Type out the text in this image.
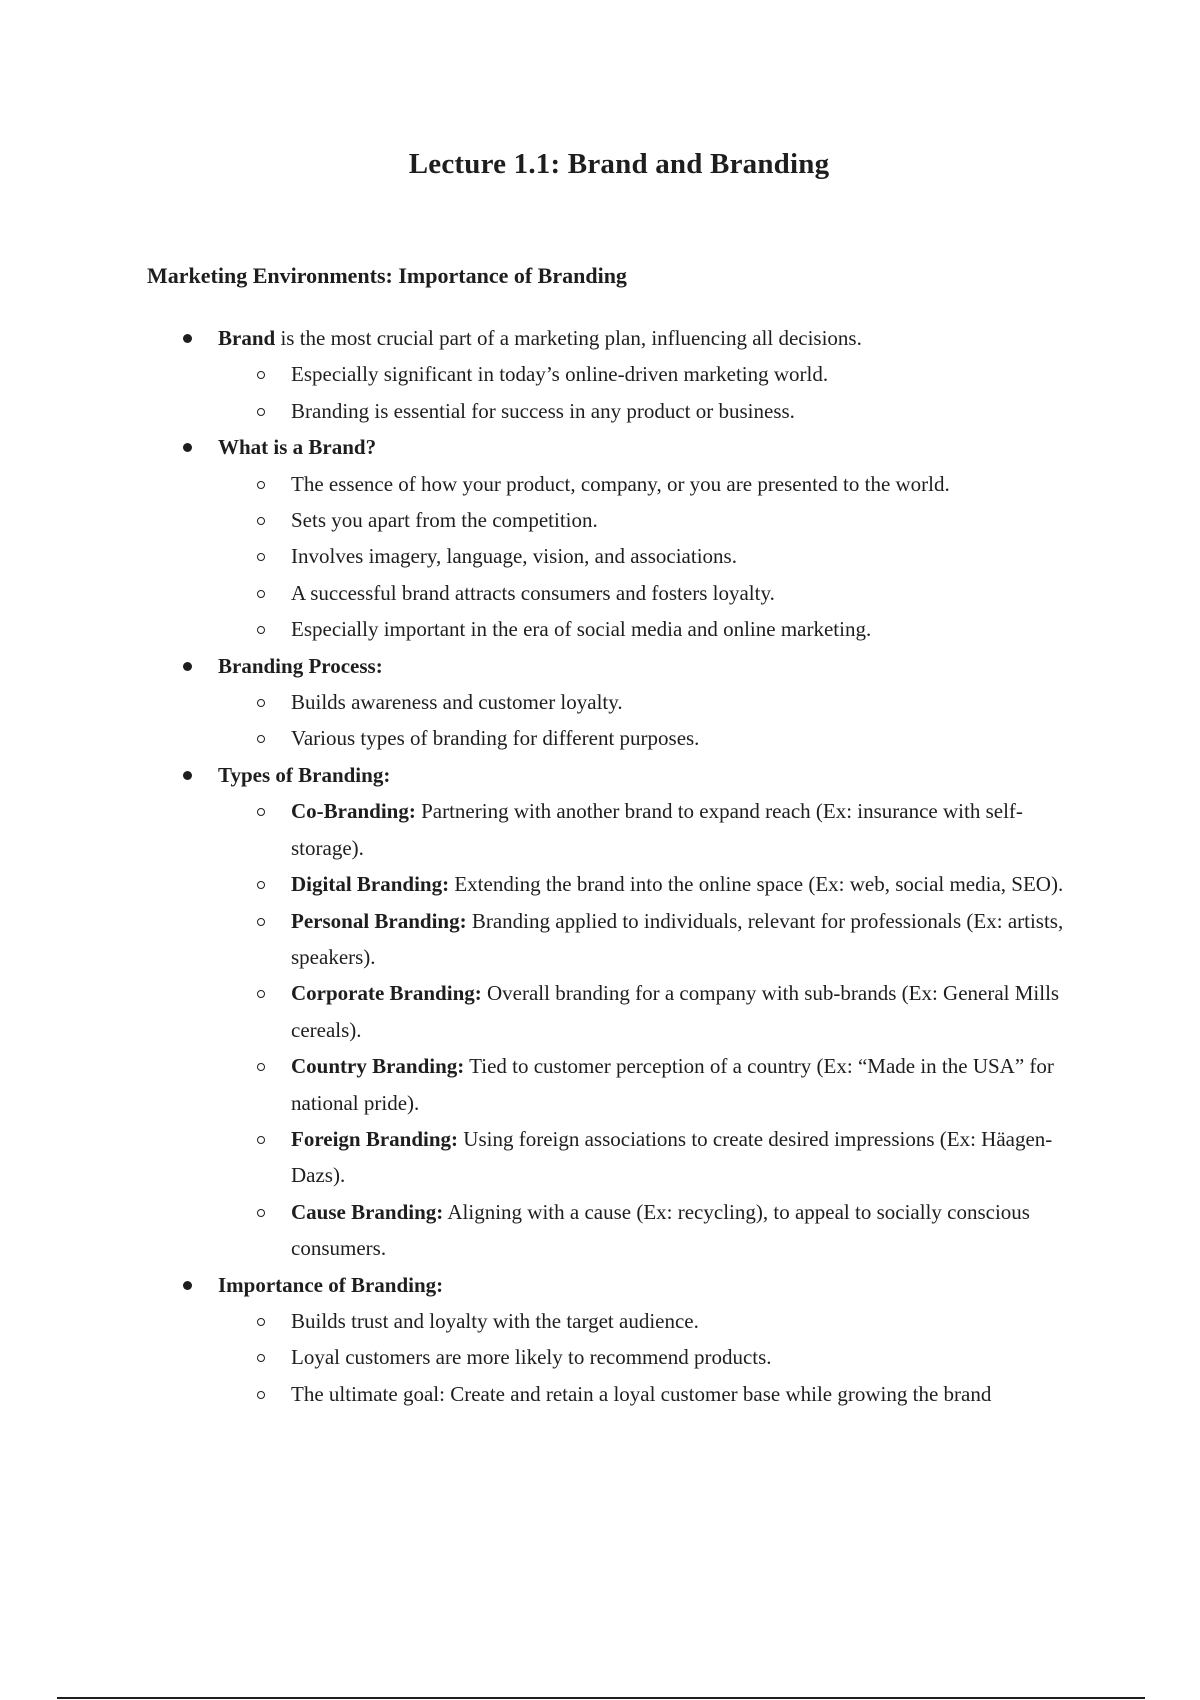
Lecture 1.1: Brand and Branding
Marketing Environments: Importance of Branding
Brand is the most crucial part of a marketing plan, influencing all decisions.
Especially significant in today’s online-driven marketing world.
Branding is essential for success in any product or business.
What is a Brand?
The essence of how your product, company, or you are presented to the world.
Sets you apart from the competition.
Involves imagery, language, vision, and associations.
A successful brand attracts consumers and fosters loyalty.
Especially important in the era of social media and online marketing.
Branding Process:
Builds awareness and customer loyalty.
Various types of branding for different purposes.
Types of Branding:
Co-Branding: Partnering with another brand to expand reach (Ex: insurance with self-storage).
Digital Branding: Extending the brand into the online space (Ex: web, social media, SEO).
Personal Branding: Branding applied to individuals, relevant for professionals (Ex: artists, speakers).
Corporate Branding: Overall branding for a company with sub-brands (Ex: General Mills cereals).
Country Branding: Tied to customer perception of a country (Ex: “Made in the USA” for national pride).
Foreign Branding: Using foreign associations to create desired impressions (Ex: Häagen-Dazs).
Cause Branding: Aligning with a cause (Ex: recycling), to appeal to socially conscious consumers.
Importance of Branding:
Builds trust and loyalty with the target audience.
Loyal customers are more likely to recommend products.
The ultimate goal: Create and retain a loyal customer base while growing the brand
